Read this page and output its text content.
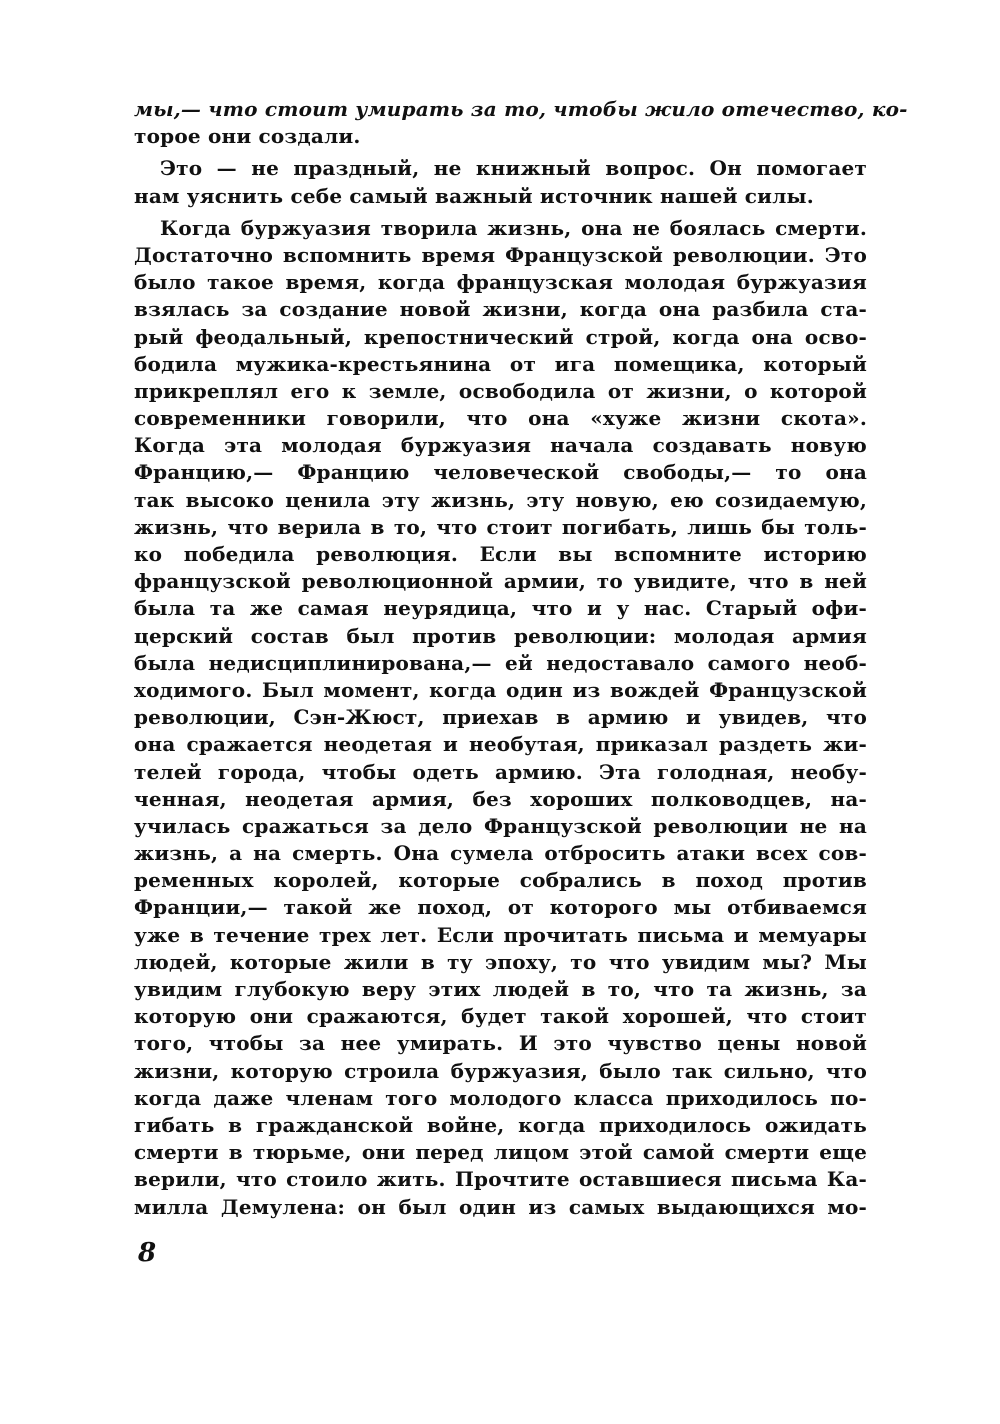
мы,— что стоит умирать за то, чтобы жило отечество, ко-
торое они создали.
Это — не праздный, не книжный вопрос. Он помогает
нам уяснить себе самый важный источник нашей силы.
Когда буржуазия творила жизнь, она не боялась смерти.
Достаточно вспомнить время Французской революции. Это
было такое время, когда французская молодая буржуазия
взялась за создание новой жизни, когда она разбила ста-
рый феодальный, крепостнический строй, когда она осво-
бодила мужика-крестьянина от ига помещика, который
прикреплял его к земле, освободила от жизни, о которой
современники говорили, что она «хуже жизни скота».
Когда эта молодая буржуазия начала создавать новую
Францию,— Францию человеческой свободы,— то она
так высоко ценила эту жизнь, эту новую, ею созидаемую,
жизнь, что верила в то, что стоит погибать, лишь бы толь-
ко победила революция. Если вы вспомните историю
французской революционной армии, то увидите, что в ней
была та же самая неурядица, что и у нас. Старый офи-
церский состав был против революции: молодая армия
была недисциплинирована,— ей недоставало самого необ-
ходимого. Был момент, когда один из вождей Французской
революции, Сэн-Жюст, приехав в армию и увидев, что
она сражается неодетая и необутая, приказал раздеть жи-
телей города, чтобы одеть армию. Эта голодная, необу-
ченная, неодетая армия, без хороших полководцев, на-
училась сражаться за дело Французской революции не на
жизнь, а на смерть. Она сумела отбросить атаки всех сов-
ременных королей, которые собрались в поход против
Франции,— такой же поход, от которого мы отбиваемся
уже в течение трех лет. Если прочитать письма и мемуары
людей, которые жили в ту эпоху, то что увидим мы? Мы
увидим глубокую веру этих людей в то, что та жизнь, за
которую они сражаются, будет такой хорошей, что стоит
того, чтобы за нее умирать. И это чувство цены новой
жизни, которую строила буржуазия, было так сильно, что
когда даже членам того молодого класса приходилось по-
гибать в гражданской войне, когда приходилось ожидать
смерти в тюрьме, они перед лицом этой самой смерти еще
верили, что стоило жить. Прочтите оставшиеся письма Ка-
милла Демулена: он был один из самых выдающихся мо-
8
